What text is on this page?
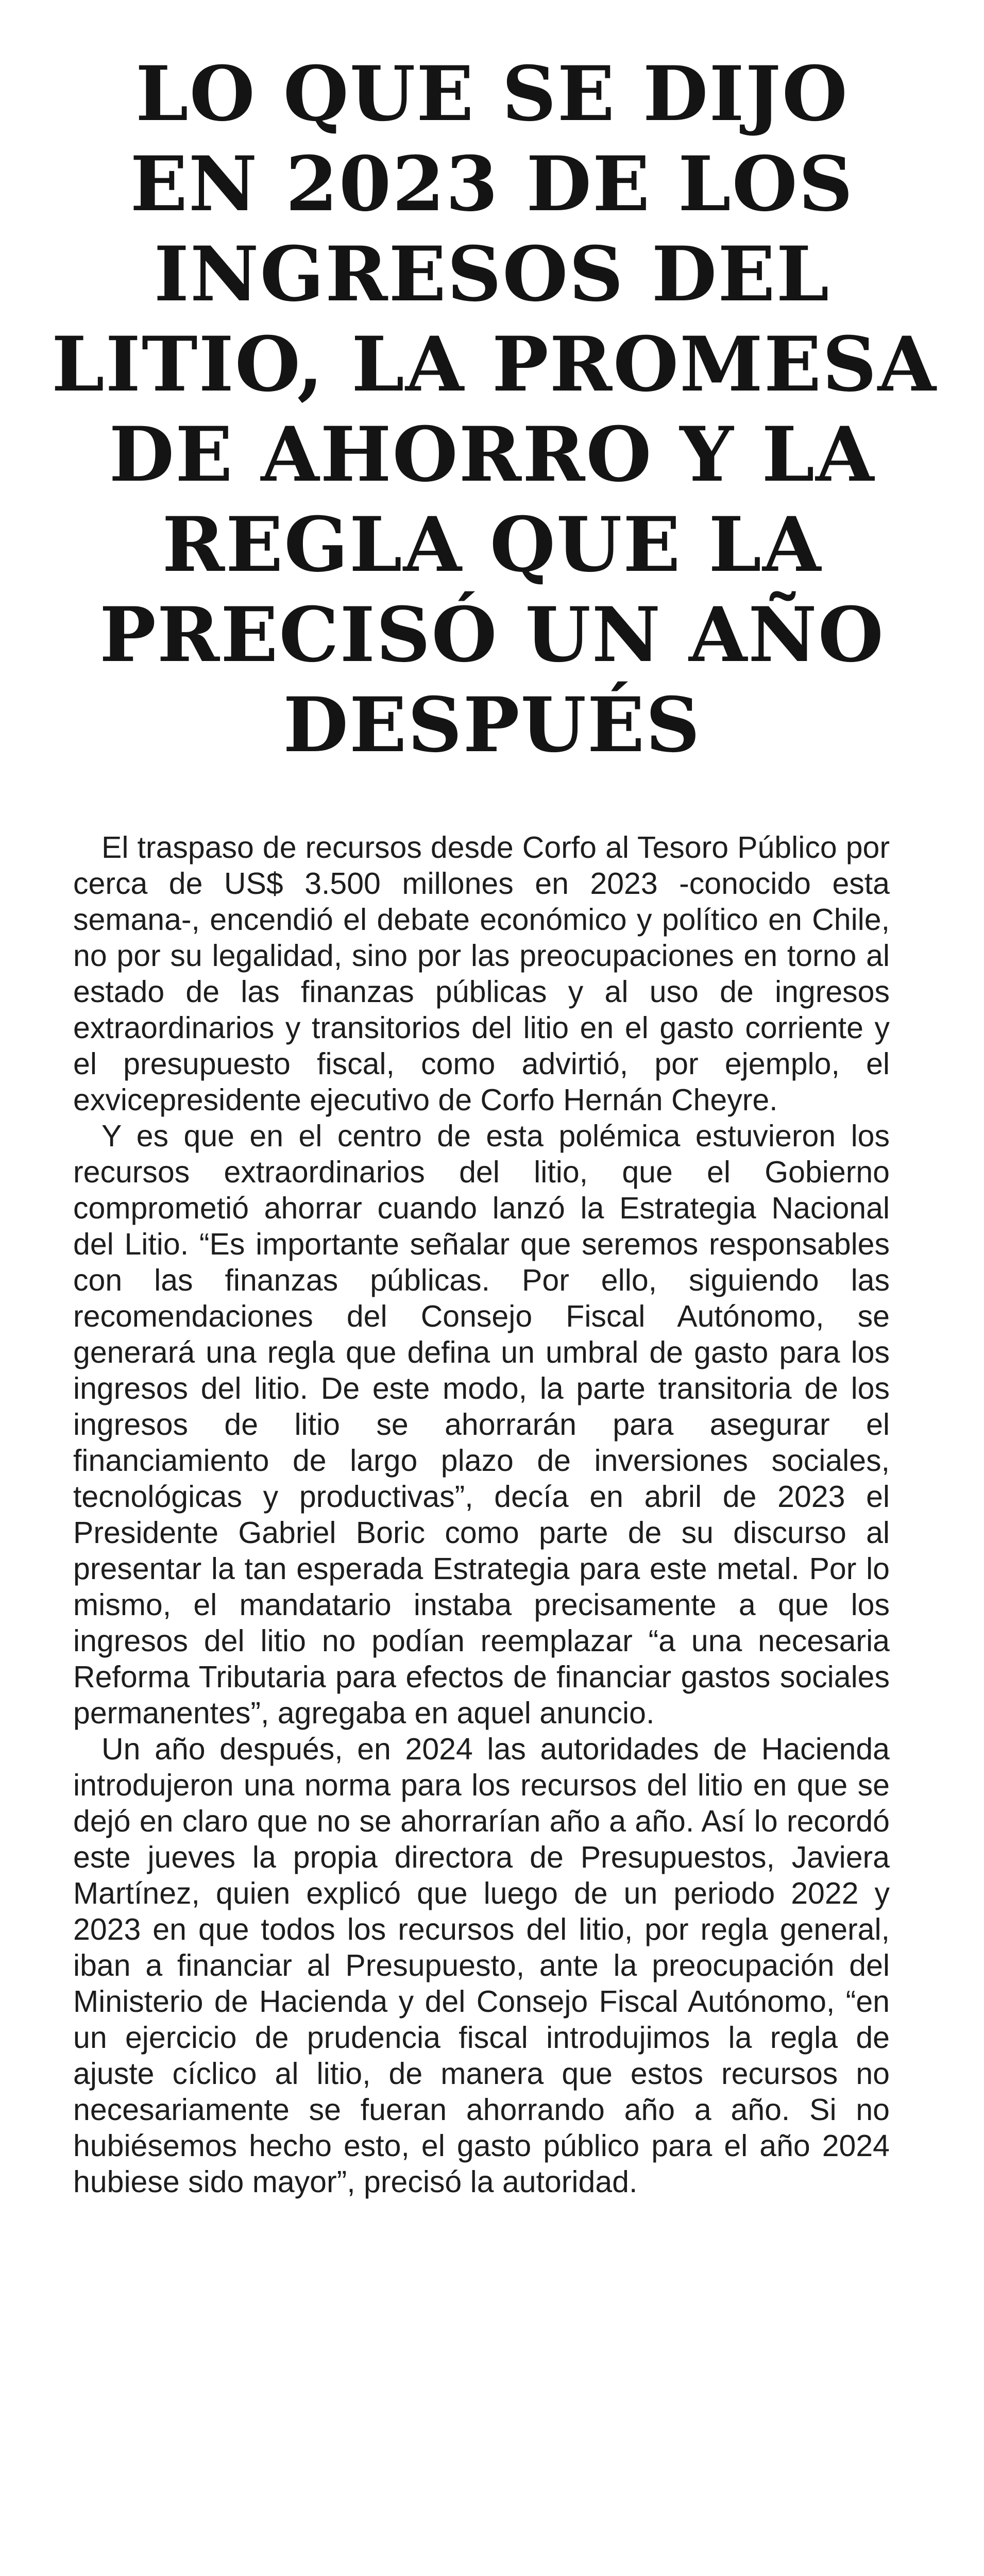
LO QUE SE DIJO
EN 2023 DE LOS
INGRESOS DEL
LITIO, LA PROMESA
DE AHORRO Y LA
REGLA QUE LA
PRECISÓ UN AÑO
DESPUÉS

El traspaso de recursos desde Corfo al Tesoro Público por cerca de US$ 3.500 millones en 2023 -conocido esta semana-, encendió el debate económico y político en Chile, no por su legalidad, sino por las preocupaciones en torno al estado de las finanzas públicas y al uso de ingresos extraordinarios y transitorios del litio en el gasto corriente y el presupuesto fiscal, como advirtió, por ejemplo, el exvicepresidente ejecutivo de Corfo Hernán Cheyre.

Y es que en el centro de esta polémica estuvieron los recursos extraordinarios del litio, que el Gobierno comprometió ahorrar cuando lanzó la Estrategia Nacional del Litio. “Es importante señalar que seremos responsables con las finanzas públicas. Por ello, siguiendo las recomendaciones del Consejo Fiscal Autónomo, se generará una regla que defina un umbral de gasto para los ingresos del litio. De este modo, la parte transitoria de los ingresos de litio se ahorrarán para asegurar el financiamiento de largo plazo de inversiones sociales, tecnológicas y productivas”, decía en abril de 2023 el Presidente Gabriel Boric como parte de su discurso al presentar la tan esperada Estrategia para este metal. Por lo mismo, el mandatario instaba precisamente a que los ingresos del litio no podían reemplazar “a una necesaria Reforma Tributaria para efectos de financiar gastos sociales permanentes”, agregaba en aquel anuncio.

Un año después, en 2024 las autoridades de Hacienda introdujeron una norma para los recursos del litio en que se dejó en claro que no se ahorrarían año a año. Así lo recordó este jueves la propia directora de Presupuestos, Javiera Martínez, quien explicó que luego de un periodo 2022 y 2023 en que todos los recursos del litio, por regla general, iban a financiar al Presupuesto, ante la preocupación del Ministerio de Hacienda y del Consejo Fiscal Autónomo, “en un ejercicio de prudencia fiscal introdujimos la regla de ajuste cíclico al litio, de manera que estos recursos no necesariamente se fueran ahorrando año a año. Si no hubiésemos hecho esto, el gasto público para el año 2024 hubiese sido mayor”, precisó la autoridad.
